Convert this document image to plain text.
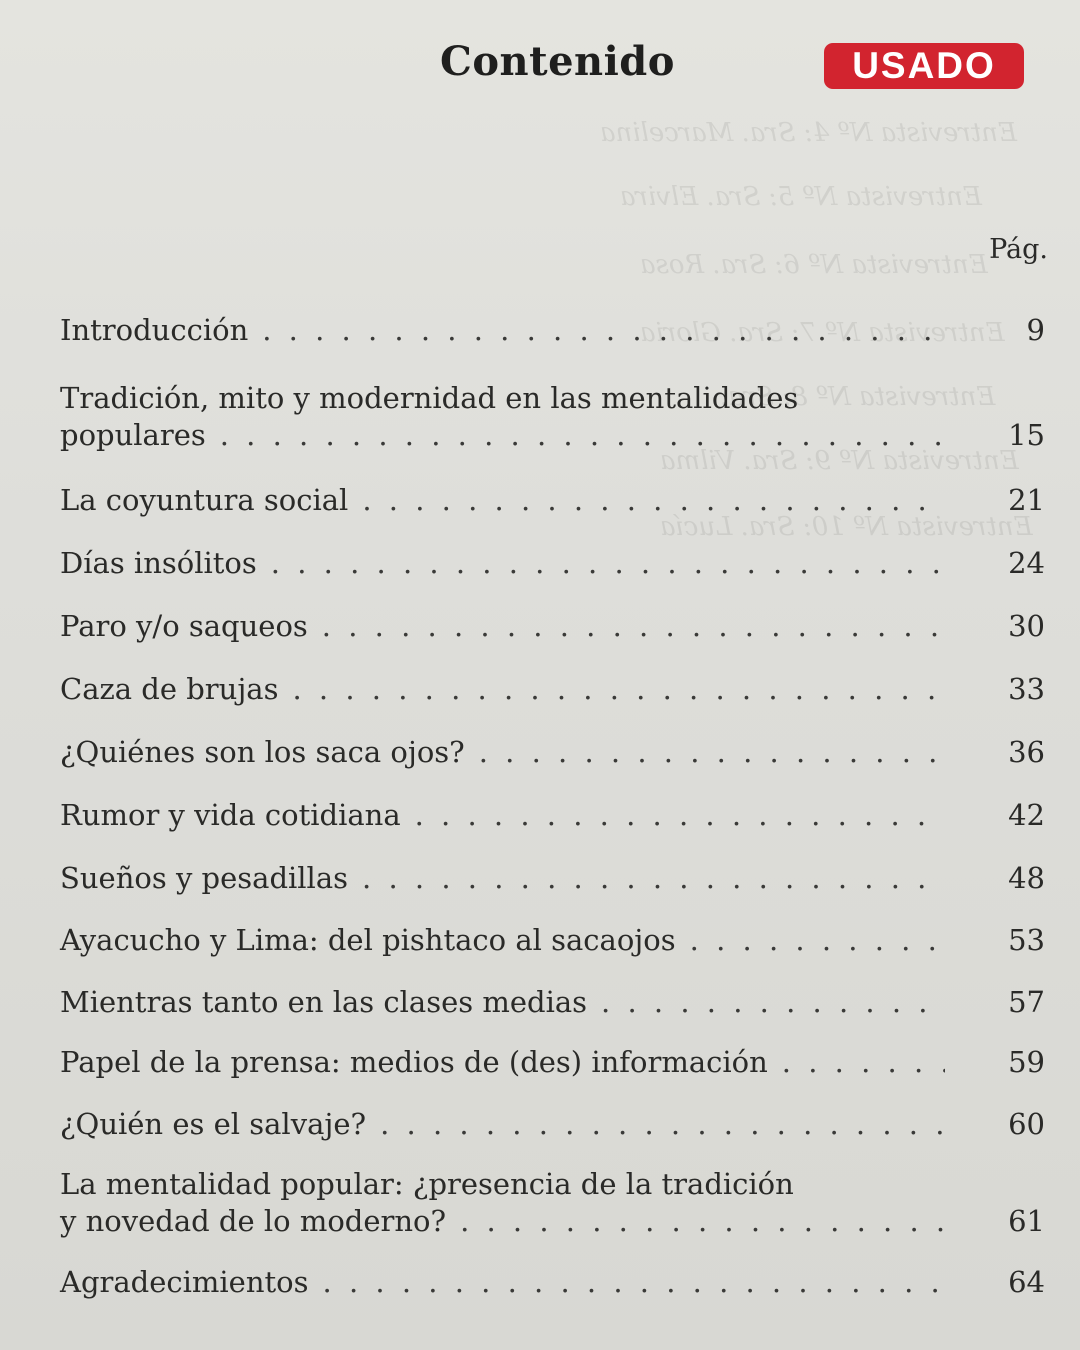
Entrevista Nº 4: Sra. Marcelina
Entrevista Nº 5: Sra. Elvira
Entrevista Nº 6: Sra. Rosa
Entrevista Nº 7: Sra. Gloria
Entrevista Nº 8: Sra.
Entrevista Nº 9: Sra. Vilma
Entrevista Nº 10: Sra. Lucía
Contenido	USADO
Pág.
Introducción . . .	9
Tradición, mito y modernidad en las mentalidades
populares . . .	15
La coyuntura social . . .	21
Días insólitos . . .	24
Paro y/o saqueos . . .	30
Caza de brujas . . .	33
¿Quiénes son los saca ojos? . . .	36
Rumor y vida cotidiana . . .	42
Sueños y pesadillas . . .	48
Ayacucho y Lima: del pishtaco al sacaojos . . .	53
Mientras tanto en las clases medias . . .	57
Papel de la prensa: medios de (des) información . . .	59
¿Quién es el salvaje? . . .	60
La mentalidad popular: ¿presencia de la tradición
y novedad de lo moderno? . . .	61
Agradecimientos . . .	64
